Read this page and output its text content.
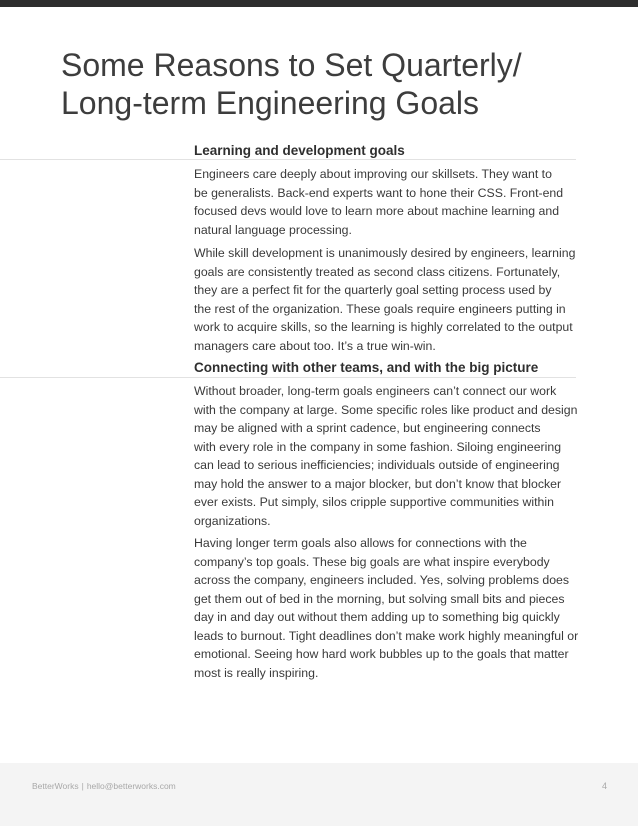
Some Reasons to Set Quarterly/
Long-term Engineering Goals
Learning and development goals

Engineers care deeply about improving our skillsets. They want to
be generalists. Back-end experts want to hone their CSS. Front-end
focused devs would love to learn more about machine learning and
natural language processing.

While skill development is unanimously desired by engineers, learning
goals are consistently treated as second class citizens. Fortunately,
they are a perfect fit for the quarterly goal setting process used by
the rest of the organization. These goals require engineers putting in
work to acquire skills, so the learning is highly correlated to the output
managers care about too. It’s a true win-win.

Connecting with other teams, and with the big picture

Without broader, long-term goals engineers can’t connect our work
with the company at large. Some specific roles like product and design
may be aligned with a sprint cadence, but engineering connects
with every role in the company in some fashion. Siloing engineering
can lead to serious inefficiencies; individuals outside of engineering
may hold the answer to a major blocker, but don’t know that blocker
ever exists. Put simply, silos cripple supportive communities within
organizations.

Having longer term goals also allows for connections with the
company’s top goals. These big goals are what inspire everybody
across the company, engineers included. Yes, solving problems does
get them out of bed in the morning, but solving small bits and pieces
day in and day out without them adding up to something big quickly
leads to burnout. Tight deadlines don’t make work highly meaningful or
emotional. Seeing how hard work bubbles up to the goals that matter
most is really inspiring.

BetterWorks | hello@betterworks.com	4
